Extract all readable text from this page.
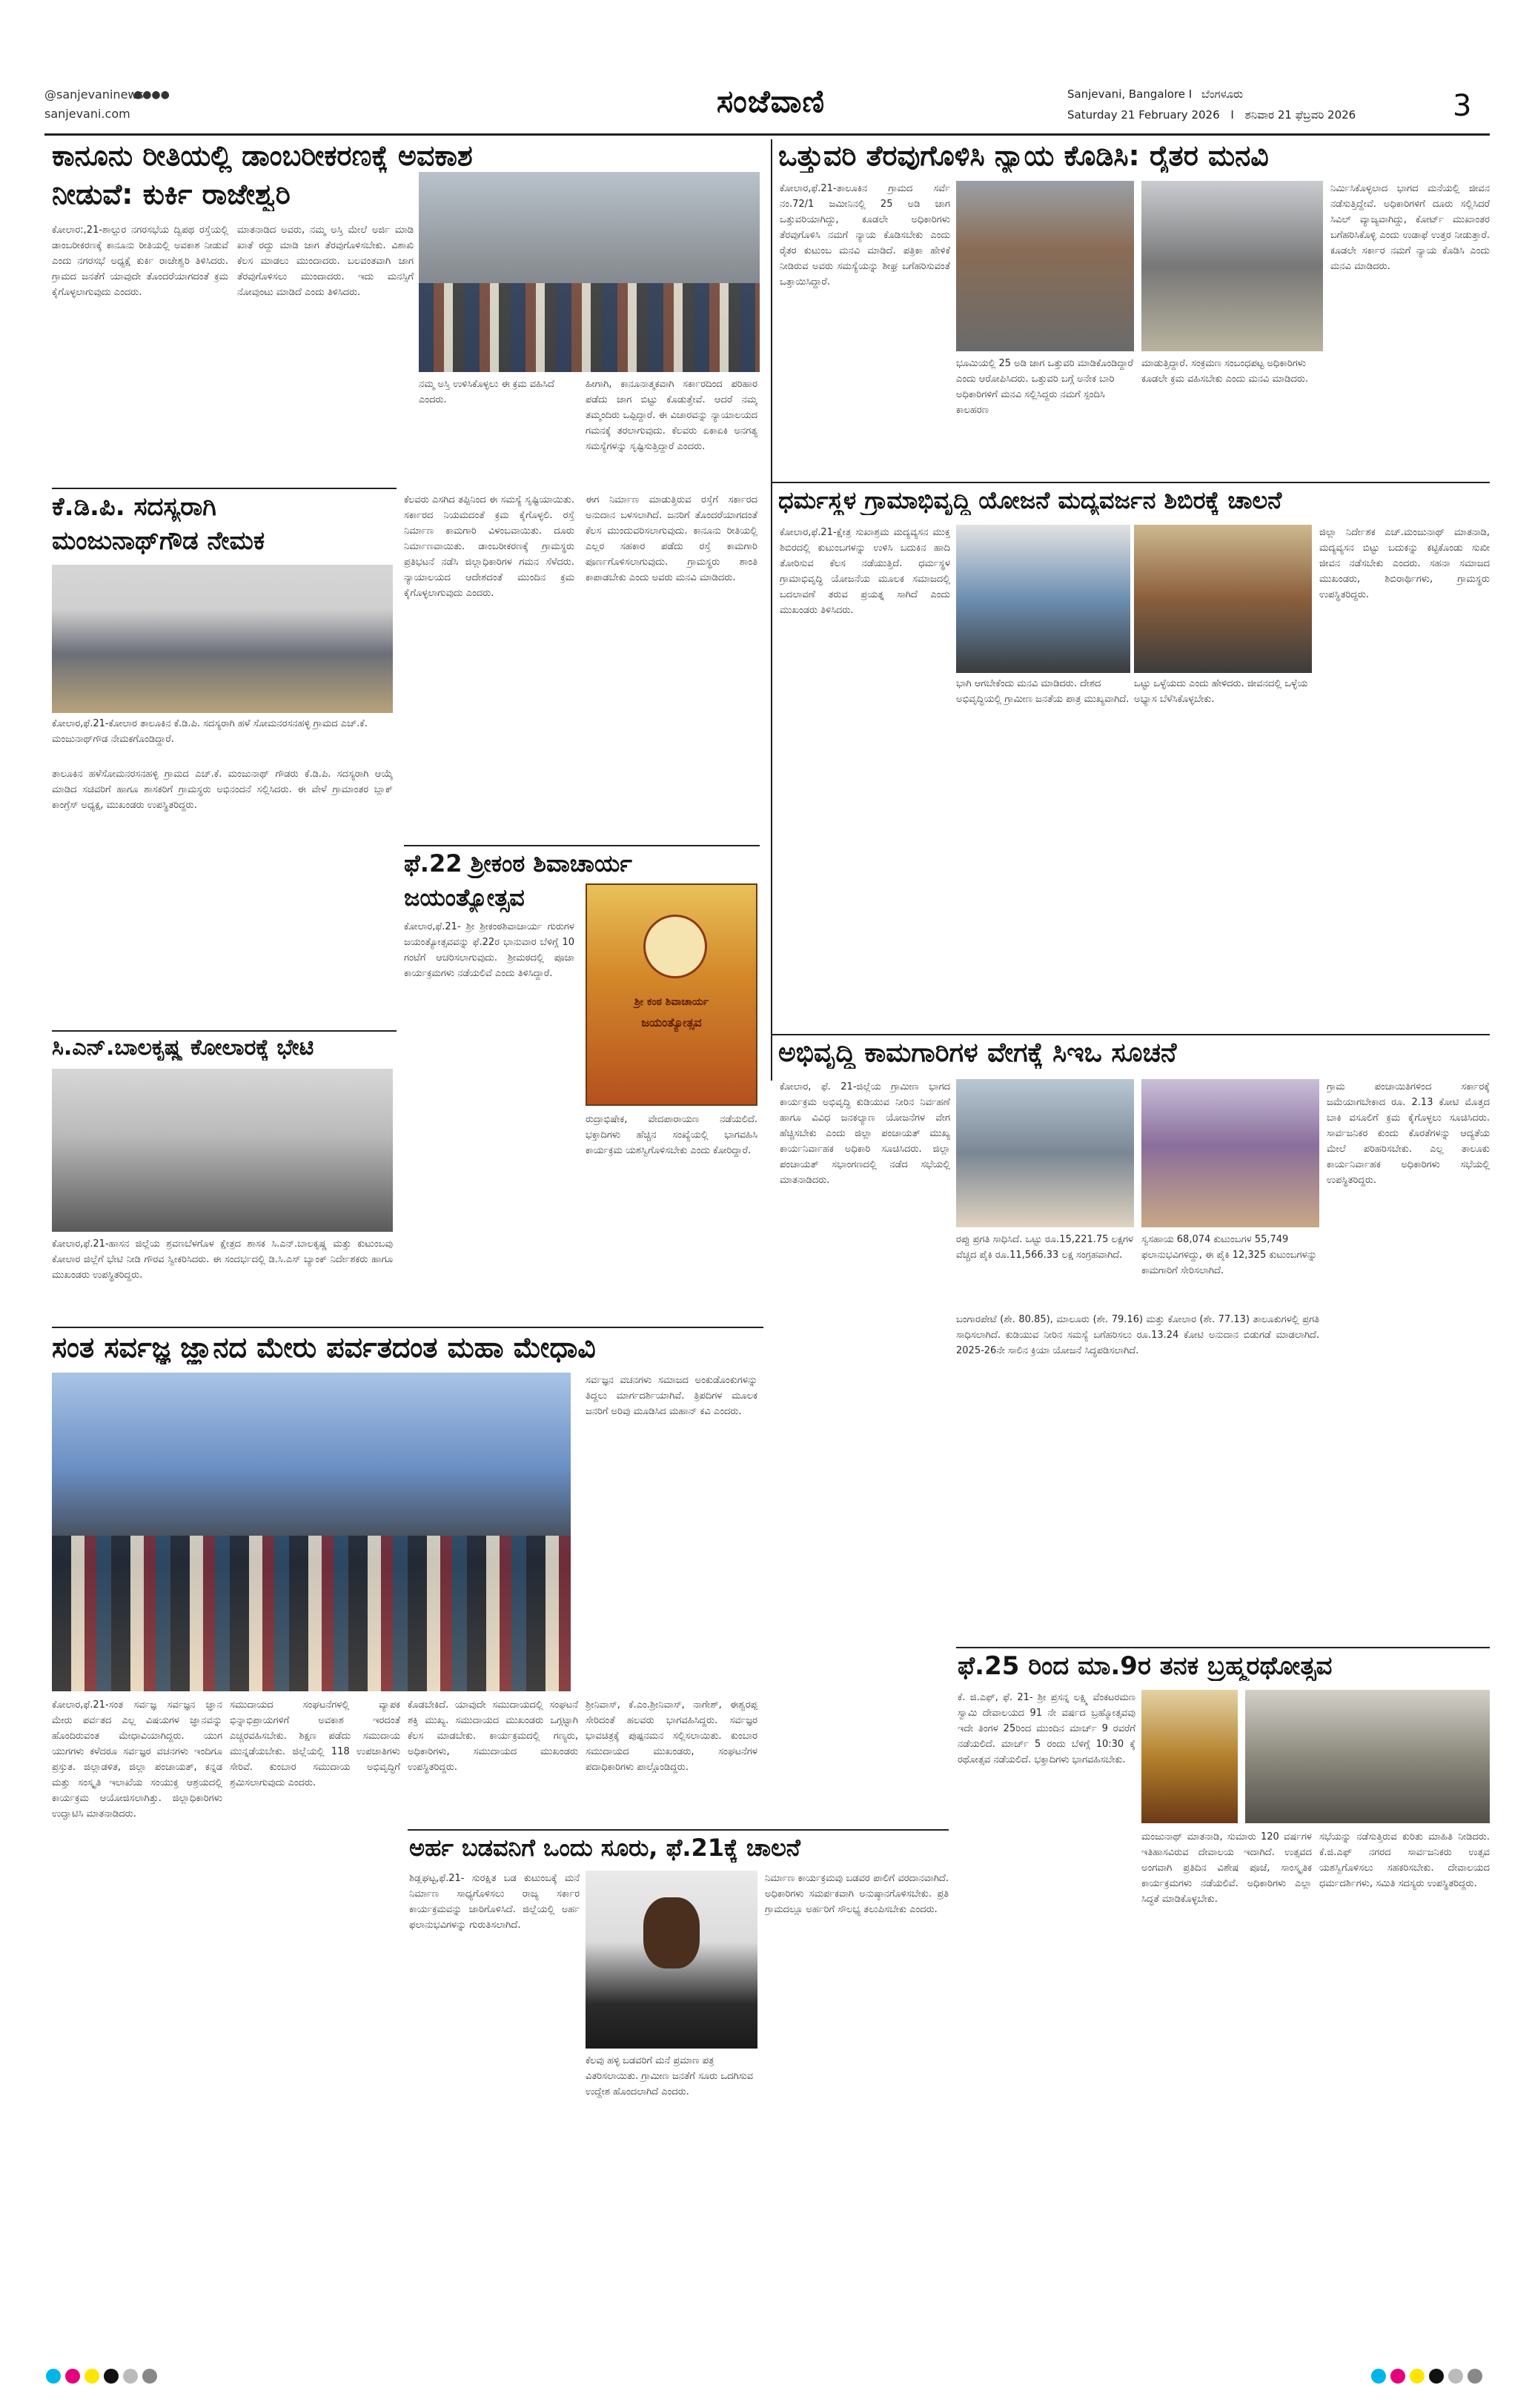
●●●●
@sanjevaninews
sanjevani.com	ಸಂಜೆವಾಣಿ	Sanjevani, Bangalore I ಬೆಂಗಳೂರು
Saturday 21 February 2026 I ಶನಿವಾರ 21 ಫೆಬ್ರವರಿ 2026	3
ಕಾನೂನು ರೀತಿಯಲ್ಲಿ ಡಾಂಬರೀಕರಣಕ್ಕೆ ಅವಕಾಶ
ನೀಡುವೆ: ಕುರ್ಕಿ ರಾಜೇಶ್ವರಿ
ಕೋಲಾರ:,21-ಶಾಲ್ಪುರ ನಗರಸಭೆಯ ದ್ವಿಪಥ ರಸ್ತೆಯಲ್ಲಿ ಡಾಂಬರೀಕರಣಕ್ಕೆ ಕಾನೂನು ರೀತಿಯಲ್ಲಿ ಅವಕಾಶ ನೀಡುವೆ ಎಂದು ನಗರಸಭೆ ಅಧ್ಯಕ್ಷೆ ಕುರ್ಕಿ ರಾಜೇಶ್ವರಿ ತಿಳಿಸಿದರು. ಗ್ರಾಮದ ಜನತೆಗೆ ಯಾವುದೇ ತೊಂದರೆಯಾಗದಂತೆ ಕ್ರಮ ಕೈಗೊಳ್ಳಲಾಗುವುದು ಎಂದರು.
ಮಾತನಾಡಿದ ಅವರು, ನಮ್ಮ ಅಸ್ತಿ ಮೇಲೆ ಅರ್ಜಿ ಮಾಡಿ ಖಾತೆ ರದ್ದು ಮಾಡಿ ಜಾಗ ತೆರವುಗೊಳಿಸಬೇಕು. ವಿಶಾಖಿ ಕೆಲಸ ಮಾಡಲು ಮುಂದಾದರು. ಬಲವಂತವಾಗಿ ಜಾಗ ತೆರವುಗೊಳಿಸಲು ಮುಂದಾದರು. ಇದು ಮನಸ್ಸಿಗೆ ನೋವುಂಟು ಮಾಡಿದೆ ಎಂದು ತಿಳಿಸಿದರು.
ನಮ್ಮ ಅಸ್ತಿ ಉಳಿಸಿಕೊಳ್ಳಲು ಈ ಕ್ರಮ ವಹಿಸಿದೆ ಎಂದರು.
ಹೀಗಾಗಿ, ಕಾನೂನಾತ್ಮಕವಾಗಿ ಸರ್ಕಾರದಿಂದ ಪರಿಹಾರ ಪಡೆದು ಜಾಗ ಬಿಟ್ಟು ಕೊಡುತ್ತೇವೆ. ಆದರೆ ನಮ್ಮ ತಮ್ಮಂದಿರು ಒಪ್ಪಿದ್ದಾರೆ. ಈ ವಿಚಾರವನ್ನು ನ್ಯಾಯಾಲಯದ ಗಮನಕ್ಕೆ ತರಲಾಗುವುದು. ಕೆಲವರು ಏಕಾಏಕಿ ಅನಗತ್ಯ ಸಮಸ್ಯೆಗಳನ್ನು ಸೃಷ್ಟಿಸುತ್ತಿದ್ದಾರೆ ಎಂದರು.
ಒತ್ತುವರಿ ತೆರವುಗೊಳಿಸಿ ನ್ಯಾಯ ಕೊಡಿಸಿ: ರೈತರ ಮನವಿ
ಕೋಲಾರ,ಫೆ.21-ತಾಲೂಕಿನ ಗ್ರಾಮದ ಸರ್ವೆ ನಂ.72/1 ಜಮೀನಿನಲ್ಲಿ 25 ಅಡಿ ಜಾಗ ಒತ್ತುವರಿಯಾಗಿದ್ದು, ಕೂಡಲೇ ಅಧಿಕಾರಿಗಳು ತೆರವುಗೊಳಿಸಿ ನಮಗೆ ನ್ಯಾಯ ಕೊಡಿಸಬೇಕು ಎಂದು ರೈತರ ಕುಟುಂಬ ಮನವಿ ಮಾಡಿದೆ. ಪತ್ರಿಕಾ ಹೇಳಿಕೆ ನೀಡಿರುವ ಅವರು ಸಮಸ್ಯೆಯನ್ನು ಶೀಘ್ರ ಬಗೆಹರಿಸುವಂತೆ ಒತ್ತಾಯಿಸಿದ್ದಾರೆ.
ಭೂಮಿಯಲ್ಲಿ 25 ಅಡಿ ಜಾಗ ಒತ್ತುವರಿ ಮಾಡಿಕೊಂಡಿದ್ದಾರೆ ಎಂದು ಆರೋಪಿಸಿದರು. ಒತ್ತುವರಿ ಬಗ್ಗೆ ಅನೇಕ ಬಾರಿ ಅಧಿಕಾರಿಗಳಿಗೆ ಮನವಿ ಸಲ್ಲಿಸಿದ್ದರು ನಮಗೆ ಸ್ಪಂದಿಸಿ ಕಾಲಹರಣ
ಮಾಡುತ್ತಿದ್ದಾರೆ. ಸಂಕ್ರಮಣ ಸಂಬಂಧಪಟ್ಟ ಅಧಿಕಾರಿಗಳು ಕೂಡಲೇ ಕ್ರಮ ವಹಿಸಬೇಕು ಎಂದು ಮನವಿ ಮಾಡಿದರು.
ನಿರ್ಮಿಸಿಕೊಳ್ಳಲಾದ ಭಾಗದ ಮನೆಯಲ್ಲಿ ಜೀವನ ನಡೆಸುತ್ತಿದ್ದೇವೆ. ಅಧಿಕಾರಿಗಳಿಗೆ ದೂರು ಸಲ್ಲಿಸಿದರೆ ಸಿವಿಲ್ ವ್ಯಾಜ್ಯವಾಗಿದ್ದು, ಕೋರ್ಟ್ ಮುಖಾಂತರ ಬಗೆಹರಿಸಿಕೊಳ್ಳಿ ಎಂದು ಉಡಾಫೆ ಉತ್ತರ ನೀಡುತ್ತಾರೆ. ಕೂಡಲೇ ಸರ್ಕಾರ ನಮಗೆ ನ್ಯಾಯ ಕೊಡಿಸಿ ಎಂದು ಮನವಿ ಮಾಡಿದರು.
ಕೆ.ಡಿ.ಪಿ. ಸದಸ್ಯರಾಗಿ
ಮಂಜುನಾಥ್‌ಗೌಡ ನೇಮಕ
ಕೋಲಾರ,ಫೆ.21-ಕೋಲಾರ ತಾಲೂಕಿನ ಕೆ.ಡಿ.ಪಿ. ಸದಸ್ಯರಾಗಿ ಹಳೆ ಸೋಮನರಸನಹಳ್ಳಿ ಗ್ರಾಮದ ಎಚ್.ಕೆ. ಮಂಜುನಾಥ್‌ಗೌಡ ನೇಮಕಗೊಂಡಿದ್ದಾರೆ.
ತಾಲೂಕಿನ ಹಳೆಸೋಮನರಸನಹಳ್ಳಿ ಗ್ರಾಮದ ಎಚ್.ಕೆ. ಮಂಜುನಾಥ್ ಗೌಡರು ಕೆ.ಡಿ.ಪಿ. ಸದಸ್ಯರಾಗಿ ಆಯ್ಕೆ ಮಾಡಿದ ಸಚಿವರಿಗೆ ಹಾಗೂ ಶಾಸಕರಿಗೆ ಗ್ರಾಮಸ್ಥರು ಅಭಿನಂದನೆ ಸಲ್ಲಿಸಿದರು. ಈ ವೇಳೆ ಗ್ರಾಮಾಂತರ ಬ್ಲಾಕ್ ಕಾಂಗ್ರೆಸ್ ಅಧ್ಯಕ್ಷ, ಮುಖಂಡರು ಉಪಸ್ಥಿತರಿದ್ದರು.
ಕೆಲವರು ಎಸಗಿದ ತಪ್ಪಿನಿಂದ ಈ ಸಮಸ್ಯೆ ಸೃಷ್ಟಿಯಾಯಿತು. ಸರ್ಕಾರದ ನಿಯಮದಂತೆ ಕ್ರಮ ಕೈಗೊಳ್ಳಲಿ. ರಸ್ತೆ ನಿರ್ಮಾಣ ಕಾಮಗಾರಿ ವಿಳಂಬವಾಯಿತು. ದೂರು ನಿರ್ಮಾಣವಾಯಿತು. ಡಾಂಬರೀಕರಣಕ್ಕೆ ಗ್ರಾಮಸ್ಥರು ಪ್ರತಿಭಟನೆ ನಡೆಸಿ ಜಿಲ್ಲಾಧಿಕಾರಿಗಳ ಗಮನ ಸೆಳೆದರು. ನ್ಯಾಯಾಲಯದ ಆದೇಶದಂತೆ ಮುಂದಿನ ಕ್ರಮ ಕೈಗೊಳ್ಳಲಾಗುವುದು ಎಂದರು.
ಈಗ ನಿರ್ಮಾಣ ಮಾಡುತ್ತಿರುವ ರಸ್ತೆಗೆ ಸರ್ಕಾರದ ಅನುದಾನ ಬಳಸಲಾಗಿದೆ. ಜನರಿಗೆ ತೊಂದರೆಯಾಗದಂತೆ ಕೆಲಸ ಮುಂದುವರಿಸಲಾಗುವುದು. ಕಾನೂನು ರೀತಿಯಲ್ಲಿ ಎಲ್ಲರ ಸಹಕಾರ ಪಡೆದು ರಸ್ತೆ ಕಾಮಗಾರಿ ಪೂರ್ಣಗೊಳಿಸಲಾಗುವುದು. ಗ್ರಾಮಸ್ಥರು ಶಾಂತಿ ಕಾಪಾಡಬೇಕು ಎಂದು ಅವರು ಮನವಿ ಮಾಡಿದರು.
ಧರ್ಮಸ್ಥಳ ಗ್ರಾಮಾಭಿವೃದ್ಧಿ ಯೋಜನೆ ಮದ್ಯವರ್ಜನ ಶಿಬಿರಕ್ಕೆ ಚಾಲನೆ
ಕೋಲಾರ,ಫೆ.21-ಕ್ಷೇತ್ರ ಸುಖಾಶ್ರಮ ಮದ್ಯವ್ಯಸನ ಮುಕ್ತ ಶಿಬಿರದಲ್ಲಿ ಕುಟುಂಬಗಳನ್ನು ಉಳಿಸಿ ಬದುಕಿನ ಹಾದಿ ತೋರಿಸುವ ಕೆಲಸ ನಡೆಯುತ್ತಿದೆ. ಧರ್ಮಸ್ಥಳ ಗ್ರಾಮಾಭಿವೃದ್ಧಿ ಯೋಜನೆಯ ಮೂಲಕ ಸಮಾಜದಲ್ಲಿ ಬದಲಾವಣೆ ತರುವ ಪ್ರಯತ್ನ ಸಾಗಿದೆ ಎಂದು ಮುಖಂಡರು ತಿಳಿಸಿದರು.
ಭಾಗಿ ಆಗಬೇಕೆಂದು ಮನವಿ ಮಾಡಿದರು. ದೇಶದ ಅಭಿವೃದ್ಧಿಯಲ್ಲಿ ಗ್ರಾಮೀಣ ಜನತೆಯ ಪಾತ್ರ ಮುಖ್ಯವಾಗಿದೆ.
ಒಟ್ಟು ಒಳ್ಳೆಯದು ಎಂದು ಹೇಳಿದರು. ಜೀವನದಲ್ಲಿ ಒಳ್ಳೆಯ ಅಭ್ಯಾಸ ಬೆಳೆಸಿಕೊಳ್ಳಬೇಕು.
ಜಿಲ್ಲಾ ನಿರ್ದೇಶಕ ಎಚ್.ಮಂಜುನಾಥ್ ಮಾತನಾಡಿ, ಮದ್ಯವ್ಯಸನ ಬಿಟ್ಟು ಬದುಕನ್ನು ಕಟ್ಟಿಕೊಂಡು ಸುಖೀ ಜೀವನ ನಡೆಸಬೇಕು ಎಂದರು. ಸಹನಾ ಸಮಾಜದ ಮುಖಂಡರು, ಶಿಬಿರಾರ್ಥಿಗಳು, ಗ್ರಾಮಸ್ಥರು ಉಪಸ್ಥಿತರಿದ್ದರು.
ಫೆ.22 ಶ್ರೀಕಂಠ ಶಿವಾಚಾರ್ಯ
ಜಯಂತ್ಯೋತ್ಸವ
ಕೋಲಾರ,ಫೆ.21- ಶ್ರೀ ಶ್ರೀಕಂಠಶಿವಾಚಾರ್ಯ ಗುರುಗಳ ಜಯಂತ್ಯೋತ್ಸವವನ್ನು ಫೆ.22ರ ಭಾನುವಾರ ಬೆಳಿಗ್ಗೆ 10 ಗಂಟೆಗೆ ಆಚರಿಸಲಾಗುವುದು. ಶ್ರೀಮಠದಲ್ಲಿ ಪೂಜಾ ಕಾರ್ಯಕ್ರಮಗಳು ನಡೆಯಲಿವೆ ಎಂದು ತಿಳಿಸಿದ್ದಾರೆ.
ಶ್ರೀ ಕಂಠ ಶಿವಾಚಾರ್ಯ
ಜಯಂತ್ಯೋತ್ಸವ
ರುದ್ರಾಭಿಷೇಕ, ವೇದಪಾರಾಯಣ ನಡೆಯಲಿದೆ. ಭಕ್ತಾದಿಗಳು ಹೆಚ್ಚಿನ ಸಂಖ್ಯೆಯಲ್ಲಿ ಭಾಗವಹಿಸಿ ಕಾರ್ಯಕ್ರಮ ಯಶಸ್ವಿಗೊಳಿಸಬೇಕು ಎಂದು ಕೋರಿದ್ದಾರೆ.
ಸಿ.ಎನ್.ಬಾಲಕೃಷ್ಣ ಕೋಲಾರಕ್ಕೆ ಭೇಟಿ
ಕೋಲಾರ,ಫೆ.21-ಹಾಸನ ಜಿಲ್ಲೆಯ ಶ್ರವಣಬೆಳಗೊಳ ಕ್ಷೇತ್ರದ ಶಾಸಕ ಸಿ.ಎನ್.ಬಾಲಕೃಷ್ಣ ಮತ್ತು ಕುಟುಂಬವು ಕೋಲಾರ ಜಿಲ್ಲೆಗೆ ಭೇಟಿ ನೀಡಿ ಗೌರವ ಸ್ವೀಕರಿಸಿದರು. ಈ ಸಂದರ್ಭದಲ್ಲಿ ಡಿ.ಸಿ.ಎಸ್ ಬ್ಯಾಂಕ್ ನಿರ್ದೇಶಕರು ಹಾಗೂ ಮುಖಂಡರು ಉಪಸ್ಥಿತರಿದ್ದರು.
ಅಭಿವೃದ್ಧಿ ಕಾಮಗಾರಿಗಳ ವೇಗಕ್ಕೆ ಸಿಇಒ ಸೂಚನೆ
ಕೋಲಾರ, ಫೆ. 21-ಜಿಲ್ಲೆಯ ಗ್ರಾಮೀಣ ಭಾಗದ ಕಾರ್ಯಕ್ರಮ ಅಭಿವೃದ್ಧಿ ಕುಡಿಯುವ ನೀರಿನ ನಿರ್ವಹಣೆ ಹಾಗೂ ವಿವಿಧ ಜನಕಲ್ಯಾಣ ಯೋಜನೆಗಳ ವೇಗ ಹೆಚ್ಚಿಸಬೇಕು ಎಂದು ಜಿಲ್ಲಾ ಪಂಚಾಯತ್ ಮುಖ್ಯ ಕಾರ್ಯನಿರ್ವಾಹಕ ಅಧಿಕಾರಿ ಸೂಚಿಸಿದರು. ಜಿಲ್ಲಾ ಪಂಚಾಯತ್ ಸಭಾಂಗಣದಲ್ಲಿ ನಡೆದ ಸಭೆಯಲ್ಲಿ ಮಾತನಾಡಿದರು.
ರಪ್ಪು ಪ್ರಗತಿ ಸಾಧಿಸಿದೆ. ಒಟ್ಟು ರೂ.15,221.75 ಲಕ್ಷಗಳ ವೆಚ್ಚದ ಪೈಕಿ ರೂ.11,566.33 ಲಕ್ಷ ಸಂಗ್ರಹವಾಗಿದೆ.
ಸ್ವಸಹಾಯ 68,074 ಕುಟುಂಬಗಳ 55,749 ಫಲಾನುಭವಿಗಳಿದ್ದು, ಈ ಪೈಕಿ 12,325 ಕುಟುಂಬಗಳನ್ನು ಕಾಮಗಾರಿಗೆ ಸೇರಿಸಲಾಗಿದೆ.
ಬಂಗಾರಪೇಟೆ (ಶೇ. 80.85), ಮಾಲೂರು (ಶೇ. 79.16) ಮತ್ತು ಕೋಲಾರ (ಶೇ. 77.13) ತಾಲೂಕುಗಳಲ್ಲಿ ಪ್ರಗತಿ ಸಾಧಿಸಲಾಗಿದೆ. ಕುಡಿಯುವ ನೀರಿನ ಸಮಸ್ಯೆ ಬಗೆಹರಿಸಲು ರೂ.13.24 ಕೋಟಿ ಅನುದಾನ ಬಿಡುಗಡೆ ಮಾಡಲಾಗಿದೆ. 2025-26ನೇ ಸಾಲಿನ ಕ್ರಿಯಾ ಯೋಜನೆ ಸಿದ್ಧಪಡಿಸಲಾಗಿದೆ.
ಗ್ರಾಮ ಪಂಚಾಯಿತಿಗಳಿಂದ ಸರ್ಕಾರಕ್ಕೆ ಜಮೆಯಾಗಬೇಕಾದ ರೂ. 2.13 ಕೋಟಿ ಮೊತ್ತದ ಬಾಕಿ ವಸೂಲಿಗೆ ಕ್ರಮ ಕೈಗೊಳ್ಳಲು ಸೂಚಿಸಿದರು. ಸಾರ್ವಜನಿಕರ ಕುಂದು ಕೊರತೆಗಳನ್ನು ಆದ್ಯತೆಯ ಮೇಲೆ ಪರಿಹರಿಸಬೇಕು. ಎಲ್ಲ ತಾಲೂಕು ಕಾರ್ಯನಿರ್ವಾಹಕ ಅಧಿಕಾರಿಗಳು ಸಭೆಯಲ್ಲಿ ಉಪಸ್ಥಿತರಿದ್ದರು.
ಸಂತ ಸರ್ವಜ್ಞ ಜ್ಞಾನದ ಮೇರು ಪರ್ವತದಂತ ಮಹಾ ಮೇಧಾವಿ
ಸರ್ವಜ್ಞನ ವಚನಗಳು ಸಮಾಜದ ಅಂಕುಡೊಂಕುಗಳನ್ನು ತಿದ್ದಲು ಮಾರ್ಗದರ್ಶಿಯಾಗಿವೆ. ತ್ರಿಪದಿಗಳ ಮೂಲಕ ಜನರಿಗೆ ಅರಿವು ಮೂಡಿಸಿದ ಮಹಾನ್ ಕವಿ ಎಂದರು.
ಕೋಲಾರ,ಫೆ.21-ಸಂತ ಸರ್ವಜ್ಞ ಸರ್ವಜ್ಞನ ಜ್ಞಾನ ಮೇರು ಪರ್ವತದ ಎಲ್ಲ ವಿಷಯಗಳ ಜ್ಞಾನವನ್ನು ಹೊಂದಿರುವಂತ ಮೇಧಾವಿಯಾಗಿದ್ದರು. ಯುಗ ಯುಗಗಳು ಕಳೆದರೂ ಸರ್ವಜ್ಞರ ವಚನಗಳು ಇಂದಿಗೂ ಪ್ರಸ್ತುತ. ಜಿಲ್ಲಾಡಳಿತ, ಜಿಲ್ಲಾ ಪಂಚಾಯತ್, ಕನ್ನಡ ಮತ್ತು ಸಂಸ್ಕೃತಿ ಇಲಾಖೆಯ ಸಂಯುಕ್ತ ಆಶ್ರಯದಲ್ಲಿ ಕಾರ್ಯಕ್ರಮ ಆಯೋಜಿಸಲಾಗಿತ್ತು. ಜಿಲ್ಲಾಧಿಕಾರಿಗಳು ಉದ್ಘಾಟಿಸಿ ಮಾತನಾಡಿದರು.
ಸಮುದಾಯದ ಸಂಘಟನೆಗಳಲ್ಲಿ ವ್ಯಾಪಕ ಭಿನ್ನಾಭಿಪ್ರಾಯಗಳಿಗೆ ಅವಕಾಶ ಇರದಂತೆ ಎಚ್ಚರವಹಿಸಬೇಕು. ಶಿಕ್ಷಣ ಪಡೆದು ಸಮುದಾಯ ಮುನ್ನಡೆಯಬೇಕು. ಜಿಲ್ಲೆಯಲ್ಲಿ 118 ಉಪಜಾತಿಗಳು ಸೇರಿವೆ. ಕುಂಬಾರ ಸಮುದಾಯ ಅಭಿವೃದ್ಧಿಗೆ ಶ್ರಮಿಸಲಾಗುವುದು ಎಂದರು.
ಕೊಡಬೇಕಿದೆ. ಯಾವುದೇ ಸಮುದಾಯದಲ್ಲಿ ಸಂಘಟನೆ ಶಕ್ತಿ ಮುಖ್ಯ. ಸಮುದಾಯದ ಮುಖಂಡರು ಒಗ್ಗಟ್ಟಾಗಿ ಕೆಲಸ ಮಾಡಬೇಕು. ಕಾರ್ಯಕ್ರಮದಲ್ಲಿ ಗಣ್ಯರು, ಅಧಿಕಾರಿಗಳು, ಸಮುದಾಯದ ಮುಖಂಡರು ಉಪಸ್ಥಿತರಿದ್ದರು.
ಶ್ರೀನಿವಾಸ್, ಕೆ.ಎಂ.ಶ್ರೀನಿವಾಸ್, ನಾಗೇಶ್, ಈಶ್ವರಪ್ಪ ಸೇರಿದಂತೆ ಹಲವರು ಭಾಗವಹಿಸಿದ್ದರು. ಸರ್ವಜ್ಞರ ಭಾವಚಿತ್ರಕ್ಕೆ ಪುಷ್ಪನಮನ ಸಲ್ಲಿಸಲಾಯಿತು. ಕುಂಬಾರ ಸಮುದಾಯದ ಮುಖಂಡರು, ಸಂಘಟನೆಗಳ ಪದಾಧಿಕಾರಿಗಳು ಪಾಲ್ಗೊಂಡಿದ್ದರು.
ಫೆ.25 ರಿಂದ ಮಾ.9ರ ತನಕ ಬ್ರಹ್ಮರಥೋತ್ಸವ
ಕೆ. ಜಿ.ಎಫ್, ಫೆ. 21- ಶ್ರೀ ಪ್ರಸನ್ನ ಲಕ್ಷ್ಮಿ ವೆಂಕಟರಮಣ ಸ್ವಾಮಿ ದೇವಾಲಯದ 91 ನೇ ವರ್ಷದ ಬ್ರಹ್ಮೋತ್ಸವವು ಇದೇ ತಿಂಗಳ 25ರಿಂದ ಮುಂದಿನ ಮಾರ್ಚ್ 9 ರವರೆಗೆ ನಡೆಯಲಿದೆ. ಮಾರ್ಚ್ 5 ರಂದು ಬೆಳಿಗ್ಗೆ 10:30 ಕ್ಕೆ ರಥೋತ್ಸವ ನಡೆಯಲಿದೆ. ಭಕ್ತಾದಿಗಳು ಭಾಗವಹಿಸಬೇಕು.
ಮಂಜುನಾಥ್ ಮಾತನಾಡಿ, ಸುಮಾರು 120 ವರ್ಷಗಳ ಇತಿಹಾಸವಿರುವ ದೇವಾಲಯ ಇದಾಗಿದೆ. ಉತ್ಸವದ ಅಂಗವಾಗಿ ಪ್ರತಿದಿನ ವಿಶೇಷ ಪೂಜೆ, ಸಾಂಸ್ಕೃತಿಕ ಕಾರ್ಯಕ್ರಮಗಳು ನಡೆಯಲಿವೆ. ಅಧಿಕಾರಿಗಳು ಎಲ್ಲಾ ಸಿದ್ಧತೆ ಮಾಡಿಕೊಳ್ಳಬೇಕು.
ಸಭೆಯನ್ನು ನಡೆಸುತ್ತಿರುವ ಕುರಿತು ಮಾಹಿತಿ ನೀಡಿದರು. ಕೆ.ಜಿ.ಎಫ್ ನಗರದ ಸಾರ್ವಜನಿಕರು ಉತ್ಸವ ಯಶಸ್ವಿಗೊಳಿಸಲು ಸಹಕರಿಸಬೇಕು. ದೇವಾಲಯದ ಧರ್ಮದರ್ಶಿಗಳು, ಸಮಿತಿ ಸದಸ್ಯರು ಉಪಸ್ಥಿತರಿದ್ದರು.
ಅರ್ಹ ಬಡವನಿಗೆ ಒಂದು ಸೂರು, ಫೆ.21ಕ್ಕೆ ಚಾಲನೆ
ಶಿಡ್ಲಘಟ್ಟ,ಫೆ.21- ಸುರಕ್ಷಿತ ಬಡ ಕುಟುಂಬಕ್ಕೆ ಮನೆ ನಿರ್ಮಾಣ ಸಾಧ್ಯಗೊಳಿಸಲು ರಾಜ್ಯ ಸರ್ಕಾರ ಕಾರ್ಯಕ್ರಮವನ್ನು ಜಾರಿಗೊಳಿಸಿದೆ. ಜಿಲ್ಲೆಯಲ್ಲಿ ಅರ್ಹ ಫಲಾನುಭವಿಗಳನ್ನು ಗುರುತಿಸಲಾಗಿದೆ.
ಕೆಲವು ಹಳ್ಳಿ ಬಡವರಿಗೆ ಮನೆ ಪ್ರಮಾಣ ಪತ್ರ ವಿತರಿಸಲಾಯಿತು. ಗ್ರಾಮೀಣ ಜನತೆಗೆ ಸೂರು ಒದಗಿಸುವ ಉದ್ದೇಶ ಹೊಂದಲಾಗಿದೆ ಎಂದರು.
ನಿರ್ಮಾಣ ಕಾರ್ಯಕ್ರಮವು ಬಡವರ ಪಾಲಿಗೆ ವರದಾನವಾಗಿದೆ. ಅಧಿಕಾರಿಗಳು ಸಮರ್ಪಕವಾಗಿ ಅನುಷ್ಠಾನಗೊಳಿಸಬೇಕು. ಪ್ರತಿ ಗ್ರಾಮದಲ್ಲೂ ಅರ್ಹರಿಗೆ ಸೌಲಭ್ಯ ತಲುಪಿಸಬೇಕು ಎಂದರು.
